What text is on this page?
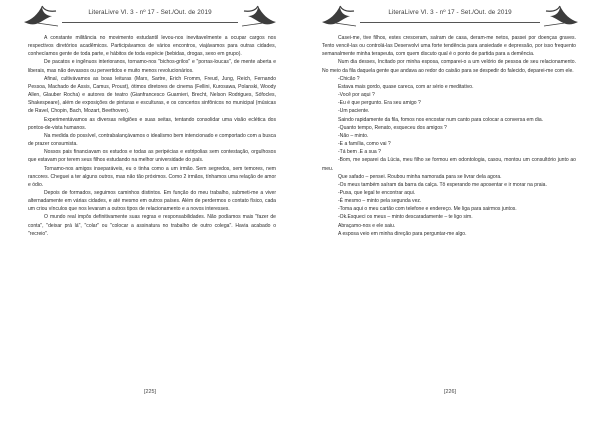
LiteraLivre Vl. 3 - nº 17 - Set./Out. de 2019

A constante militância no movimento estudantil levou-nos inevitavelmente a ocupar cargos nos respectivos diretórios acadêmicos. Participávamos de vários encontros, viajávamos para outras cidades, conhecíamos gente de toda parte, e hábitos de toda espécie (bebidas, drogas, sexo em grupo).

De pacatos e ingênuos interioranos, tornamo-nos "bichos-grilos" e "porras-loucas", de mente aberta e liberais, mas não devassos ou pervertidos e muito menos revolucionários.

Afinal, cultivávamos as boas leituras (Marx, Sartre, Erich Fromm, Freud, Jung, Reich, Fernando Pessoa, Machado de Assis, Camus, Proust), ótimos diretores de cinema (Fellini, Kurosawa, Polanski, Woody Allen, Glauber Rocha) e autores de teatro (Gianfrancesco Guarnieri, Brecht, Nelson Rodrigues, Sófocles, Shakespeare), além de exposições de pinturas e esculturas, e os concertos sinfônicos no municipal (músicas de Ravel, Chopin, Bach, Mozart, Beethoven).

Experimentávamos as diversas religiões e suas seitas, tentando consolidar uma visão eclética dos pontos-de-vista humanos.

Na medida do possível, contrabalançávamos o idealismo bem intencionado e comportado com a busca de prazer consumista.

Nossos pais financiavam os estudos e todas as peripécias e estripolias sem contestação, orgulhosos que estavam por terem seus filhos estudando na melhor universidade do país.

Tornamo-nos amigos inseparáveis, eu o tinha como a um irmão. Sem segredos, sem temores, nem rancores. Cheguei a ter alguns outros, mas não tão próximos. Como 2 irmãos, tínhamos uma relação de amor e ódio.

Depois de formados, seguimos caminhos distintos. Em função do meu trabalho, submeti-me a viver alternadamente em várias cidades, e até mesmo em outros países. Além de perdermos o contato físico, cada um criou vínculos que nos levaram a outros tipos de relacionamento e a novos interesses.

O mundo real impôs definitivamente suas regras e responsabilidades. Não podíamos mais "fazer de conta", "deixar prá lá", "colar" ou "colocar a assinatura no trabalho de outro colega". Havia acabado o "recreio".

[225]
LiteraLivre Vl. 3 - nº 17 - Set./Out. de 2019

Casei-me, tive filhos, estes cresceram, saíram de casa, deram-me netos, passei por doenças graves. Tento vencê-las ou controlá-las Desenvolvi uma forte tendência para ansiedade e depressão, por isso frequento semanalmente minha terapeuta, com quem discuto qual é o ponto de partida para a demência.

Num dia desses, Incitado por minha esposa, comparei-o a um velório de pessoa de seu relacionamento. No meio da fila daquela gente que andava ao redor do caixão para se despedir do falecido, deparei-me com ele.

-Chicão ?

Estava mais gordo, quase careca, com ar sério e meditativo.

-Você por aqui ?

-Eu é que pergunto. Era seu amigo ?

-Um paciente.

Saindo rapidamente da fila, fomos nos encostar num canto para colocar a conversa em dia.

-Quanto tempo, Renato, esqueceu dos amigos ?

-Não – minto.

-E a família, como vai ?

-Tá bem .E a sua ?

-Bom, me separei da Lúcia, meu filho se formou em odontologia, casou, montou um consultório junto ao meu.

Que safado – pensei. Roubou minha namorada para se livrar dela agora.

-Os meus também saíram da barra da calça. Tô esperando me aposentar e ir morar na praia.

-Puxa, que legal te encontrar aqui.

-É mesmo – minto pela segunda vez.

-Toma aqui o meu cartão com telefone e endereço. Me liga para sairmos juntos.

-Ok.Esqueci os meus – minto descaradamente – te ligo sim.

Abraçamo-nos e ele saiu.

A esposa veio em minha direção para perguntar-me algo.

[226]
